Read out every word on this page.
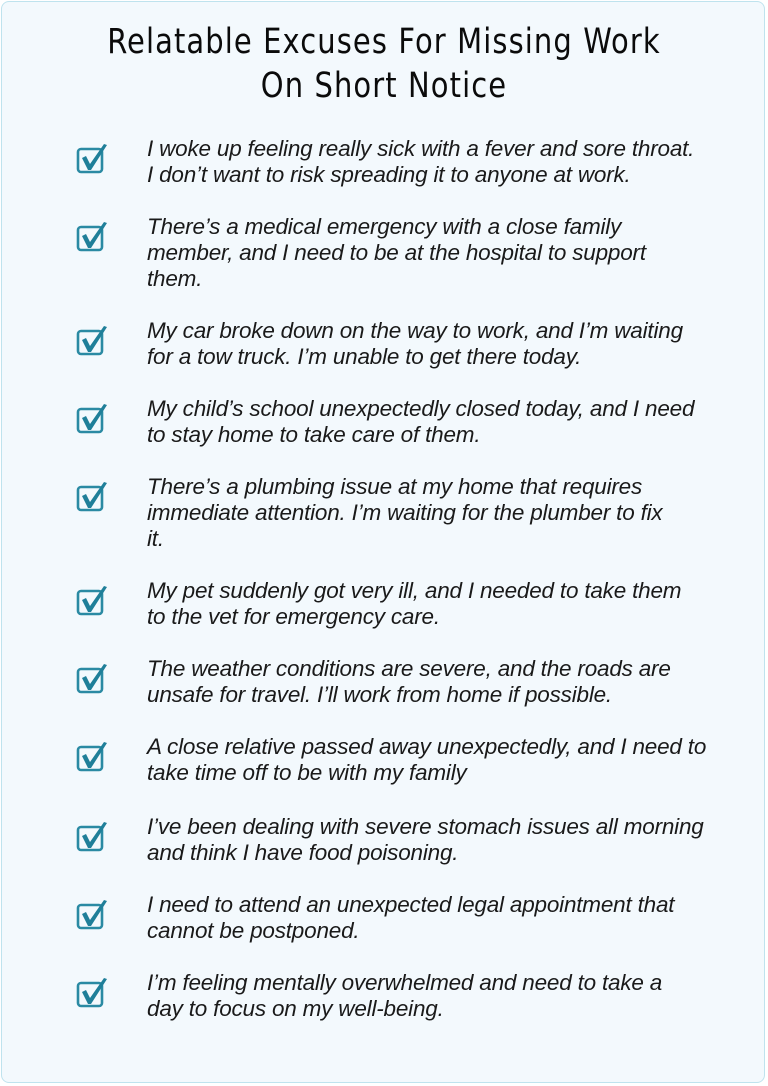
Relatable Excuses For Missing Work
On Short Notice
I woke up feeling really sick with a fever and sore throat.
I don’t want to risk spreading it to anyone at work.
There’s a medical emergency with a close family
member, and I need to be at the hospital to support
them.
My car broke down on the way to work, and I’m waiting
for a tow truck. I’m unable to get there today.
My child’s school unexpectedly closed today, and I need
to stay home to take care of them.
There’s a plumbing issue at my home that requires
immediate attention. I’m waiting for the plumber to fix
it.
My pet suddenly got very ill, and I needed to take them
to the vet for emergency care.
The weather conditions are severe, and the roads are
unsafe for travel. I’ll work from home if possible.
A close relative passed away unexpectedly, and I need to
take time off to be with my family
I’ve been dealing with severe stomach issues all morning
and think I have food poisoning.
I need to attend an unexpected legal appointment that
cannot be postponed.
I’m feeling mentally overwhelmed and need to take a
day to focus on my well-being.
